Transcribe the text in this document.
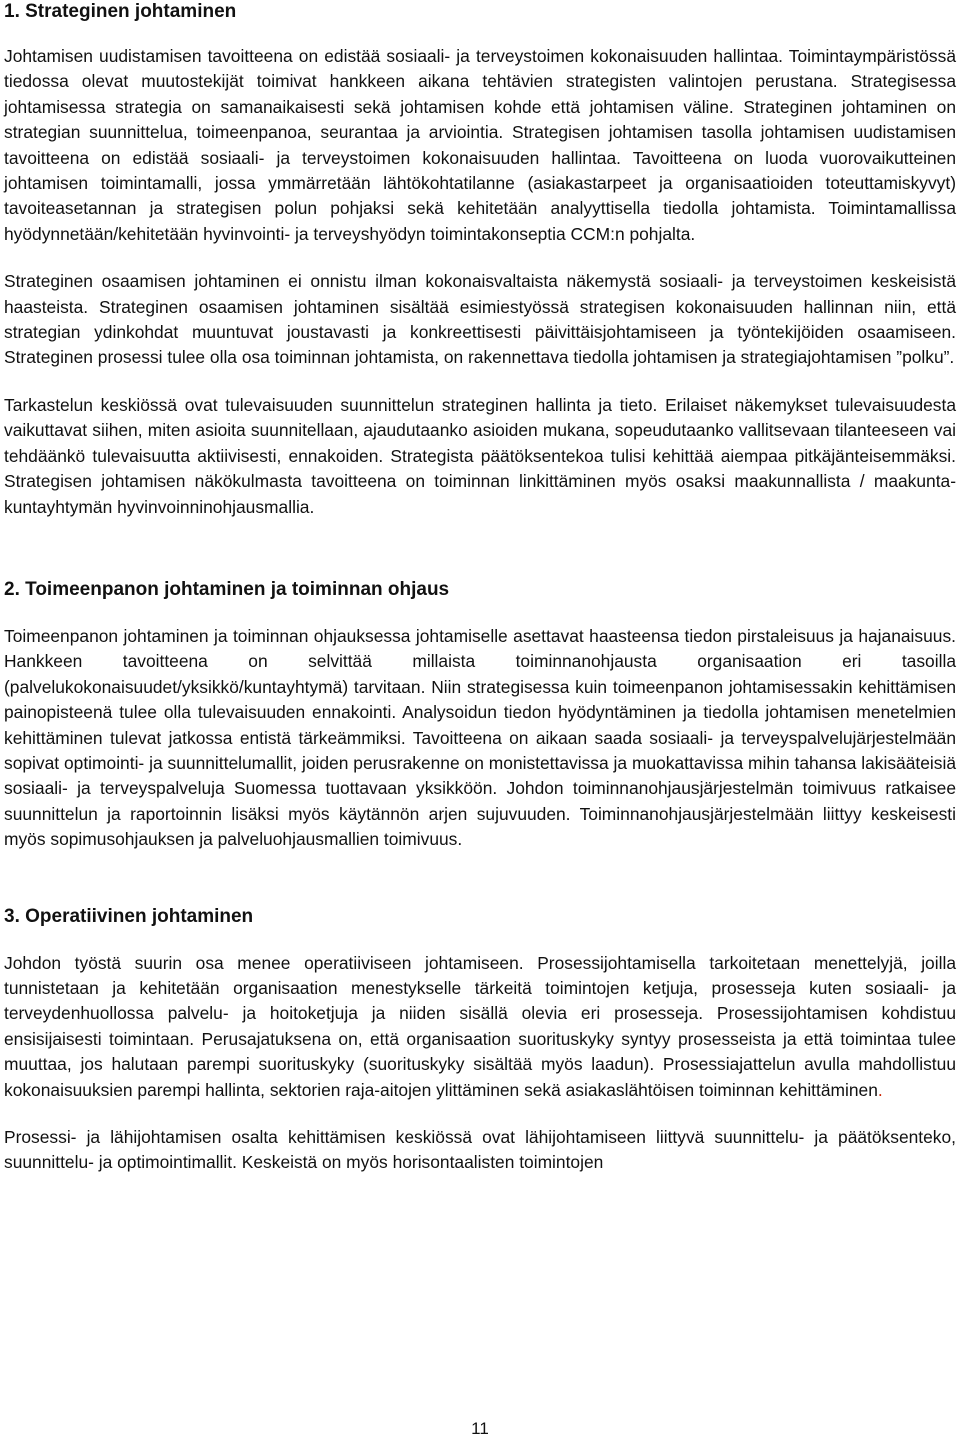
1. Strateginen johtaminen

Johtamisen uudistamisen tavoitteena on edistää sosiaali- ja terveystoimen kokonaisuuden hallintaa. Toimintaympäristössä tiedossa olevat muutostekijät toimivat hankkeen aikana tehtävien strategisten valintojen perustana. Strategisessa johtamisessa strategia on samanaikaisesti sekä johtamisen kohde että johtamisen väline. Strateginen johtaminen on strategian suunnittelua, toimeenpanoa, seurantaa ja arviointia. Strategisen johtamisen tasolla johtamisen uudistamisen tavoitteena on edistää sosiaali- ja terveystoimen kokonaisuuden hallintaa. Tavoitteena on luoda vuorovaikutteinen johtamisen toimintamalli, jossa ymmärretään lähtökohtatilanne (asiakastarpeet ja organisaatioiden toteuttamiskyvyt) tavoiteasetannan ja strategisen polun pohjaksi sekä kehitetään analyyttisella tiedolla johtamista. Toimintamallissa hyödynnetään/kehitetään hyvinvointi- ja terveyshyödyn toimintakonseptia CCM:n pohjalta.

Strateginen osaamisen johtaminen ei onnistu ilman kokonaisvaltaista näkemystä sosiaali- ja terveystoimen keskeisistä haasteista. Strateginen osaamisen johtaminen sisältää esimiestyössä strategisen kokonaisuuden hallinnan niin, että strategian ydinkohdat muuntuvat joustavasti ja konkreettisesti päivittäisjohtamiseen ja työntekijöiden osaamiseen. Strateginen prosessi tulee olla osa toiminnan johtamista, on rakennettava tiedolla johtamisen ja strategiajohtamisen ”polku”.

Tarkastelun keskiössä ovat tulevaisuuden suunnittelun strateginen hallinta ja tieto. Erilaiset näkemykset tulevaisuudesta vaikuttavat siihen, miten asioita suunnitellaan, ajaudutaanko asioiden mukana, sopeudutaanko vallitsevaan tilanteeseen vai tehdäänkö tulevaisuutta aktiivisesti, ennakoiden. Strategista päätöksentekoa tulisi kehittää aiempaa pitkäjänteisemmäksi. Strategisen johtamisen näkökulmasta tavoitteena on toiminnan linkittäminen myös osaksi maakunnallista / maakunta-kuntayhtymän hyvinvoinninohjausmallia.

2. Toimeenpanon johtaminen ja toiminnan ohjaus

Toimeenpanon johtaminen ja toiminnan ohjauksessa johtamiselle asettavat haasteensa tiedon pirstaleisuus ja hajanaisuus. Hankkeen tavoitteena on selvittää millaista toiminnanohjausta organisaation eri tasoilla (palvelukokonaisuudet/yksikkö/kuntayhtymä) tarvitaan. Niin strategisessa kuin toimeenpanon johtamisessakin kehittämisen painopisteenä tulee olla tulevaisuuden ennakointi. Analysoidun tiedon hyödyntäminen ja tiedolla johtamisen menetelmien kehittäminen tulevat jatkossa entistä tärkeämmiksi. Tavoitteena on aikaan saada sosiaali- ja terveyspalvelujärjestelmään sopivat optimointi- ja suunnittelumallit, joiden perusrakenne on monistettavissa ja muokattavissa mihin tahansa lakisääteisiä sosiaali- ja terveyspalveluja Suomessa tuottavaan yksikköön. Johdon toiminnanohjausjärjestelmän toimivuus ratkaisee suunnittelun ja raportoinnin lisäksi myös käytännön arjen sujuvuuden. Toiminnanohjausjärjestelmään liittyy keskeisesti myös sopimusohjauksen ja palveluohjausmallien toimivuus.

3. Operatiivinen johtaminen

Johdon työstä suurin osa menee operatiiviseen johtamiseen. Prosessijohtamisella tarkoitetaan menettelyjä, joilla tunnistetaan ja kehitetään organisaation menestykselle tärkeitä toimintojen ketjuja, prosesseja kuten sosiaali- ja terveydenhuollossa palvelu- ja hoitoketjuja ja niiden sisällä olevia eri prosesseja. Prosessijohtamisen kohdistuu ensisijaisesti toimintaan. Perusajatuksena on, että organisaation suorituskyky syntyy prosesseista ja että toimintaa tulee muuttaa, jos halutaan parempi suorituskyky (suorituskyky sisältää myös laadun). Prosessiajattelun avulla mahdollistuu kokonaisuuksien parempi hallinta, sektorien raja-aitojen ylittäminen sekä asiakaslähtöisen toiminnan kehittäminen.

Prosessi- ja lähijohtamisen osalta kehittämisen keskiössä ovat lähijohtamiseen liittyvä suunnittelu- ja päätöksenteko, suunnittelu- ja optimointimallit. Keskeistä on myös horisontaalisten toimintojen

11
